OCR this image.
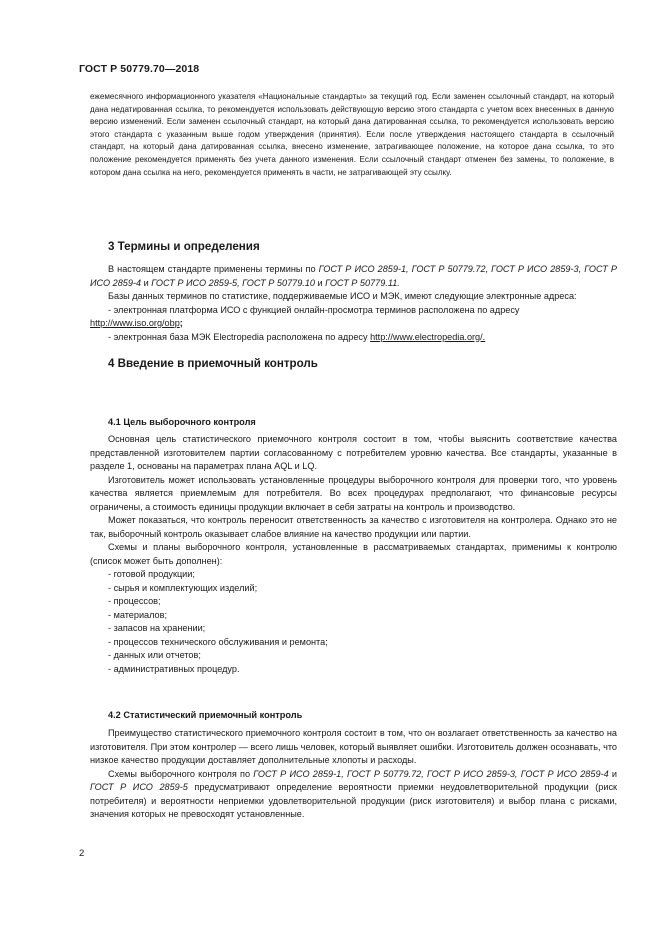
ГОСТ Р 50779.70—2018

ежемесячного информационного указателя «Национальные стандарты» за текущий год. Если заменен ссылочный стандарт, на который дана недатированная ссылка, то рекомендуется использовать действующую версию этого стандарта с учетом всех внесенных в данную версию изменений. Если заменен ссылочный стандарт, на который дана датированная ссылка, то рекомендуется использовать версию этого стандарта с указанным выше годом утверждения (принятия). Если после утверждения настоящего стандарта в ссылочный стандарт, на который дана датированная ссылка, внесено изменение, затрагивающее положение, на которое дана ссылка, то это положение рекомендуется применять без учета данного изменения. Если ссылочный стандарт отменен без замены, то положение, в котором дана ссылка на него, рекомендуется применять в части, не затрагивающей эту ссылку.

3 Термины и определения

В настоящем стандарте применены термины по ГОСТ Р ИСО 2859-1, ГОСТ Р 50779.72, ГОСТ Р ИСО 2859-3, ГОСТ Р ИСО 2859-4 и ГОСТ Р ИСО 2859-5, ГОСТ Р 50779.10 и ГОСТ Р 50779.11.

Базы данных терминов по статистике, поддерживаемые ИСО и МЭК, имеют следующие электронные адреса:

- электронная платформа ИСО с функцией онлайн-просмотра терминов расположена по адресу

http://www.iso.org/obp;

- электронная база МЭК Electropedia расположена по адресу http://www.electropedia.org/.

4 Введение в приемочный контроль
4.1 Цель выборочного контроля

Основная цель статистического приемочного контроля состоит в том, чтобы выяснить соответствие качества представленной изготовителем партии согласованному с потребителем уровню качества. Все стандарты, указанные в разделе 1, основаны на параметрах плана AQL и LQ.

Изготовитель может использовать установленные процедуры выборочного контроля для проверки того, что уровень качества является приемлемым для потребителя. Во всех процедурах предполагают, что финансовые ресурсы ограничены, а стоимость единицы продукции включает в себя затраты на контроль и производство.

Может показаться, что контроль переносит ответственность за качество с изготовителя на контролера. Однако это не так, выборочный контроль оказывает слабое влияние на качество продукции или партии.

Схемы и планы выборочного контроля, установленные в рассматриваемых стандартах, применимы к контролю (список может быть дополнен):

- готовой продукции;

- сырья и комплектующих изделий;

- процессов;

- материалов;

- запасов на хранении;

- процессов технического обслуживания и ремонта;

- данных или отчетов;

- административных процедур.

4.2 Статистический приемочный контроль

Преимущество статистического приемочного контроля состоит в том, что он возлагает ответственность за качество на изготовителя. При этом контролер — всего лишь человек, который выявляет ошибки. Изготовитель должен осознавать, что низкое качество продукции доставляет дополнительные хлопоты и расходы.

Схемы выборочного контроля по ГОСТ Р ИСО 2859-1, ГОСТ Р 50779.72, ГОСТ Р ИСО 2859-3, ГОСТ Р ИСО 2859-4 и ГОСТ Р ИСО 2859-5 предусматривают определение вероятности приемки неудовлетворительной продукции (риск потребителя) и вероятности неприемки удовлетворительной продукции (риск изготовителя) и выбор плана с рисками, значения которых не превосходят установленные.

2
